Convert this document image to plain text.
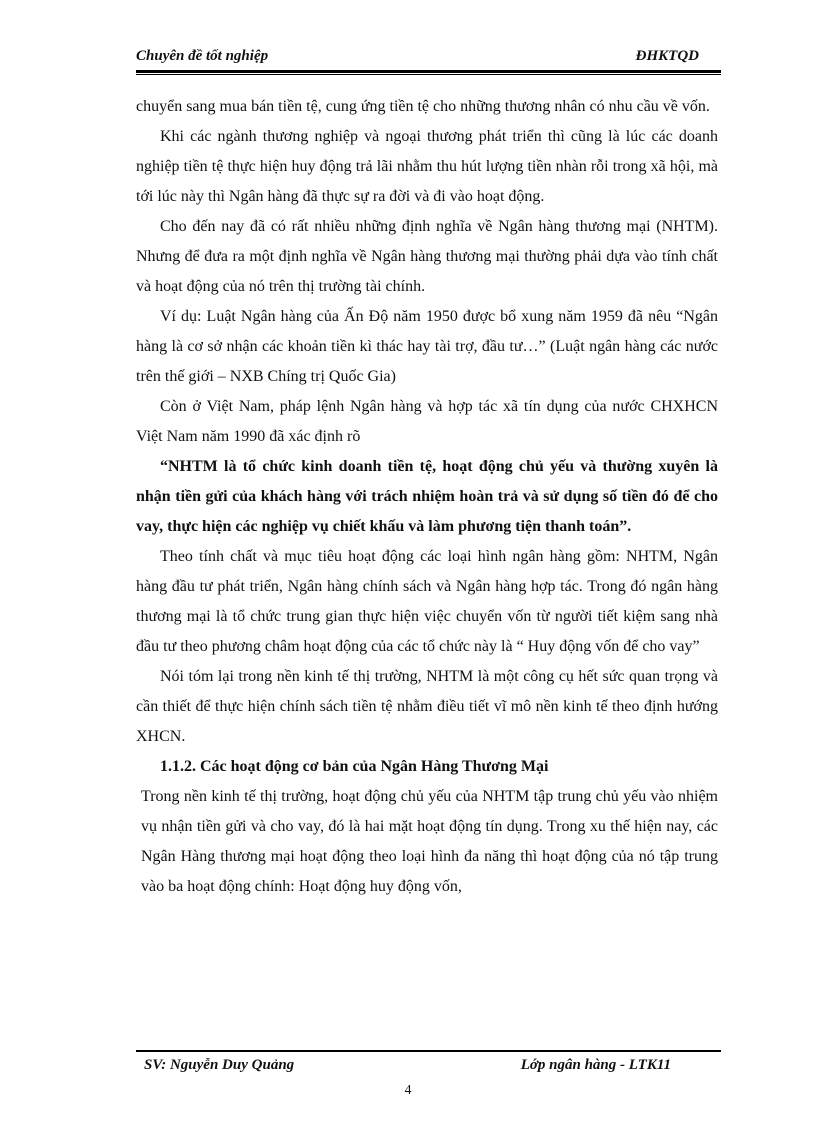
Chuyên đề tốt nghiệp	ĐHKTQD

chuyển sang mua bán tiền tệ, cung ứng tiền tệ cho những thương nhân có nhu cầu về vốn.

Khi các ngành thương nghiệp và ngoại thương phát triển thì cũng là lúc các doanh nghiệp tiền tệ thực hiện huy động trả lãi nhằm thu hút lượng tiền nhàn rỗi trong xã hội, mà tới lúc này thì Ngân hàng đã thực sự ra đời và đi vào hoạt động.

Cho đến nay đã có rất nhiều những định nghĩa về Ngân hàng thương mại (NHTM). Nhưng để đưa ra một định nghĩa về Ngân hàng thương mại thường phải dựa vào tính chất và hoạt động của nó trên thị trường tài chính.

Ví dụ: Luật Ngân hàng của Ấn Độ năm 1950 được bổ xung năm 1959 đã nêu “Ngân hàng là cơ sở nhận các khoản tiền kì thác hay tài trợ, đầu tư…” (Luật ngân hàng các nước trên thế giới – NXB Chíng trị Quốc Gia)

Còn ở Việt Nam, pháp lệnh Ngân hàng và hợp tác xã tín dụng của nước CHXHCN Việt Nam năm 1990 đã xác định rõ

“NHTM là tổ chức kinh doanh tiền tệ, hoạt động chủ yếu và thường xuyên là nhận tiền gửi của khách hàng với trách nhiệm hoàn trả và sử dụng số tiền đó để cho vay, thực hiện các nghiệp vụ chiết khấu và làm phương tiện thanh toán”.

Theo tính chất và mục tiêu hoạt động các loại hình ngân hàng gồm: NHTM, Ngân hàng đầu tư phát triển, Ngân hàng chính sách và Ngân hàng hợp tác. Trong đó ngân hàng thương mại là tổ chức trung gian thực hiện việc chuyển vốn từ người tiết kiệm sang nhà đầu tư theo phương châm hoạt động của các tổ chức này là “ Huy động vốn để cho vay”

Nói tóm lại trong nền kinh tế thị trường, NHTM là một công cụ hết sức quan trọng và cần thiết để thực hiện chính sách tiền tệ nhằm điều tiết vĩ mô nền kinh tế theo định hướng XHCN.

1.1.2. Các hoạt động cơ bản của Ngân Hàng Thương Mại

Trong nền kinh tế thị trường, hoạt động chủ yếu của NHTM tập trung chủ yếu vào nhiệm vụ nhận tiền gửi và cho vay, đó là hai mặt hoạt động tín dụng. Trong xu thế hiện nay, các Ngân Hàng thương mại hoạt động theo loại hình đa năng thì hoạt động của nó tập trung vào ba hoạt động chính: Hoạt động huy động vốn,

SV: Nguyễn Duy Quảng	Lớp ngân hàng - LTK11
4
